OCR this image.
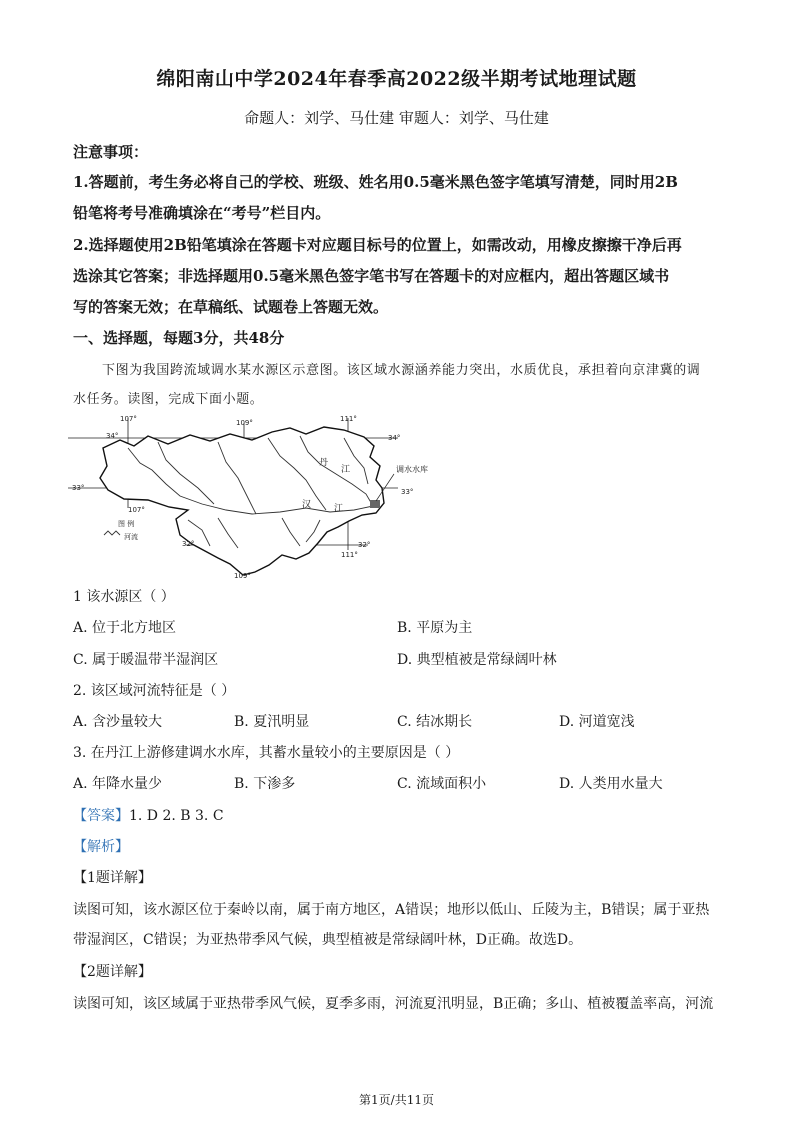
绵阳南山中学2024年春季高2022级半期考试地理试题
命题人：刘学、马仕建 审题人：刘学、马仕建
注意事项：
1.答题前，考生务必将自己的学校、班级、姓名用0.5毫米黑色签字笔填写清楚，同时用2B
铅笔将考号准确填涂在“考号”栏目内。
2.选择题使用2B铅笔填涂在答题卡对应题目标号的位置上，如需改动，用橡皮擦擦干净后再
选涂其它答案；非选择题用0.5毫米黑色签字笔书写在答题卡的对应框内，超出答题区域书
写的答案无效；在草稿纸、试题卷上答题无效。
一、选择题，每题3分，共48分
下图为我国跨流域调水某水源区示意图。该区域水源涵养能力突出，水质优良，承担着向京津冀的调
水任务。读图，完成下面小题。
107°	109°	111°
34°	34°
33°	33°
107°
32°	32°
111°
109°
图 例
河流
丹
江
汉	江
调水水库
1 该水源区（ ）
A. 位于北方地区	B. 平原为主
C. 属于暖温带半湿润区	D. 典型植被是常绿阔叶林
2. 该区域河流特征是（ ）
A. 含沙量较大	B. 夏汛明显	C. 结冰期长	D. 河道宽浅
3. 在丹江上游修建调水水库，其蓄水量较小的主要原因是（ ）
A. 年降水量少	B. 下渗多	C. 流域面积小	D. 人类用水量大
【答案】1. D 2. B 3. C
【解析】
【1题详解】
读图可知，该水源区位于秦岭以南，属于南方地区，A错误；地形以低山、丘陵为主，B错误；属于亚热
带湿润区，C错误；为亚热带季风气候，典型植被是常绿阔叶林，D正确。故选D。
【2题详解】
读图可知，该区域属于亚热带季风气候，夏季多雨，河流夏汛明显，B正确；多山、植被覆盖率高，河流
第1页/共11页
